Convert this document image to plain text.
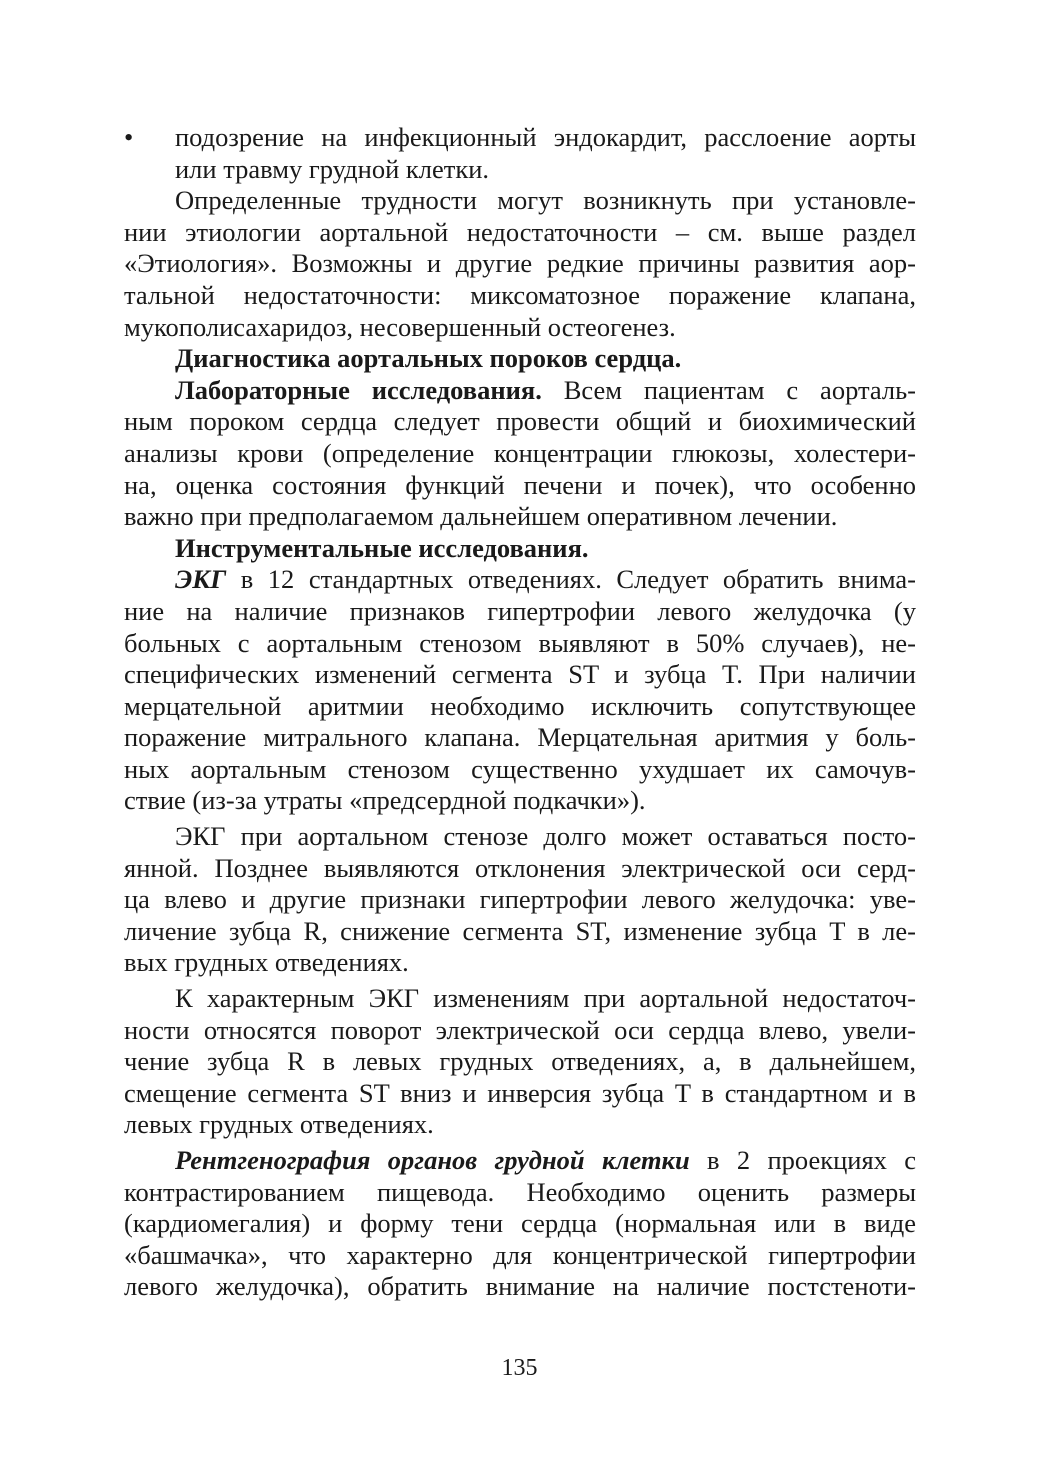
• подозрение на инфекционный эндокардит, расслоение аорты
или травму грудной клетки.
Определенные трудности могут возникнуть при установле-
нии этиологии аортальной недостаточности – см. выше раздел
«Этиология». Возможны и другие редкие причины развития аор-
тальной недостаточности: миксоматозное поражение клапана,
мукополисахаридоз, несовершенный остеогенез.
Диагностика аортальных пороков сердца.
Лабораторные исследования. Всем пациентам с аорталь-
ным пороком сердца следует провести общий и биохимический
анализы крови (определение концентрации глюкозы, холестери-
на, оценка состояния функций печени и почек), что особенно
важно при предполагаемом дальнейшем оперативном лечении.
Инструментальные исследования.
ЭКГ в 12 стандартных отведениях. Следует обратить внима-
ние на наличие признаков гипертрофии левого желудочка (у
больных с аортальным стенозом выявляют в 50% случаев), не-
специфических изменений сегмента ST и зубца T. При наличии
мерцательной аритмии необходимо исключить сопутствующее
поражение митрального клапана. Мерцательная аритмия у боль-
ных аортальным стенозом существенно ухудшает их самочув-
ствие (из-за утраты «предсердной подкачки»).
ЭКГ при аортальном стенозе долго может оставаться посто-
янной. Позднее выявляются отклонения электрической оси серд-
ца влево и другие признаки гипертрофии левого желудочка: уве-
личение зубца R, снижение сегмента ST, изменение зубца T в ле-
вых грудных отведениях.
К характерным ЭКГ изменениям при аортальной недостаточ-
ности относятся поворот электрической оси сердца влево, увели-
чение зубца R в левых грудных отведениях, а, в дальнейшем,
смещение сегмента ST вниз и инверсия зубца T в стандартном и в
левых грудных отведениях.
Рентгенография органов грудной клетки в 2 проекциях с
контрастированием пищевода. Необходимо оценить размеры
(кардиомегалия) и форму тени сердца (нормальная или в виде
«башмачка», что характерно для концентрической гипертрофии
левого желудочка), обратить внимание на наличие постстеноти-
135
